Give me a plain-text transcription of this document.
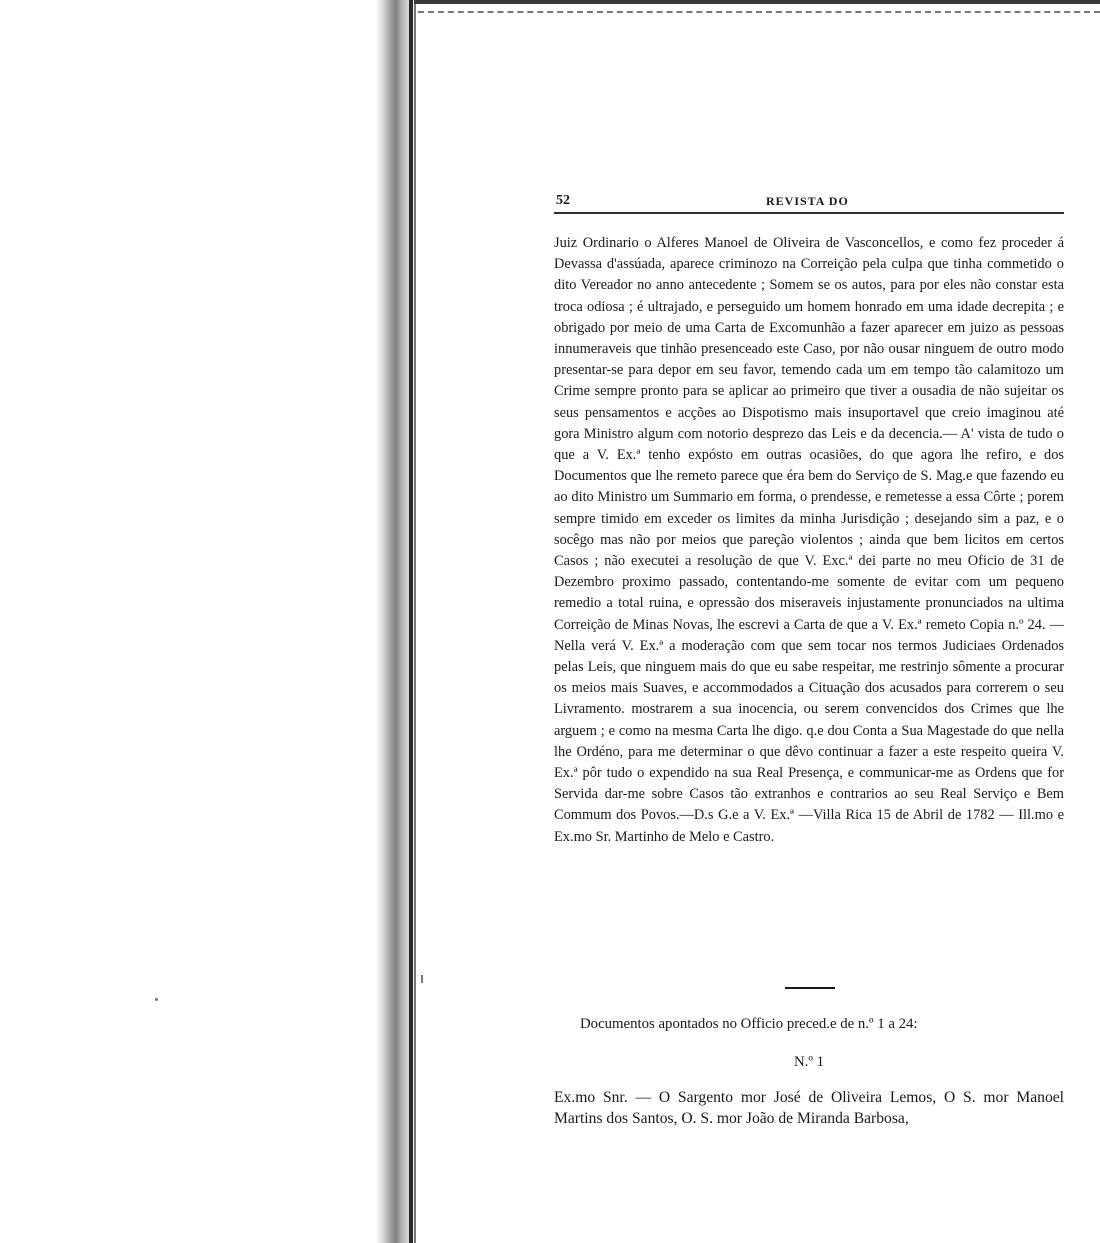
52	REVISTA DO

Juiz Ordinario o Alferes Manoel de Oliveira de Vasconcellos, e como fez proceder á Devassa d'assúada, aparece criminozo na Correição pela culpa que tinha commetido o dito Vereador no anno antecedente ; Somem se os autos, para por eles não constar esta troca odiosa ; é ultrajado, e perseguido um homem honrado em uma idade decrepita ; e obrigado por meio de uma Carta de Excomunhão a fazer aparecer em juizo as pessoas innumeraveis que tinhão presenceado este Caso, por não ousar ninguem de outro modo presentar-se para depor em seu favor, temendo cada um em tempo tão calamitozo um Crime sempre pronto para se aplicar ao primeiro que tiver a ousadia de não sujeitar os seus pensamentos e acções ao Dispotismo mais insuportavel que creio imaginou até gora Ministro algum com notorio desprezo das Leis e da decencia.— A' vista de tudo o que a V. Ex.ª tenho expósto em outras ocasiões, do que agora lhe refiro, e dos Documentos que lhe remeto parece que éra bem do Serviço de S. Mag.e que fazendo eu ao dito Ministro um Summario em forma, o prendesse, e remetesse a essa Côrte ; porem sempre timido em exceder os limites da minha Jurisdição ; desejando sim a paz, e o socêgo mas não por meios que pareção violentos ; ainda que bem licitos em certos Casos ; não executei a resolução de que V. Exc.ª dei parte no meu Oficio de 31 de Dezembro proximo passado, contentando-me somente de evitar com um pequeno remedio a total ruina, e opressão dos miseraveis injustamente pronunciados na ultima Correição de Minas Novas, lhe escrevi a Carta de que a V. Ex.ª remeto Copia n.º 24. — Nella verá V. Ex.ª a moderação com que sem tocar nos termos Judiciaes Ordenados pelas Leis, que ninguem mais do que eu sabe respeitar, me restrinjo sômente a procurar os meios mais Suaves, e accommodados a Cituação dos acusados para correrem o seu Livramento. mostrarem a sua inocencia, ou serem convencidos dos Crimes que lhe arguem ; e como na mesma Carta lhe digo. q.e dou Conta a Sua Magestade do que nella lhe Ordéno, para me determinar o que dêvo continuar a fazer a este respeito queira V. Ex.ª pôr tudo o expendido na sua Real Presença, e communicar-me as Ordens que for Servida dar-me sobre Casos tão extranhos e contrarios ao seu Real Serviço e Bem Commum dos Povos.—D.s G.e a V. Ex.ª —Villa Rica 15 de Abril de 1782 — Ill.mo e Ex.mo Sr. Martinho de Melo e Castro.

Documentos apontados no Officio preced.e de n.º 1 a 24:
N.º 1
Ex.mo Snr. — O Sargento mor José de Oliveira Lemos, O S. mor Manoel Martins dos Santos, O. S. mor João de Miranda Barbosa,
